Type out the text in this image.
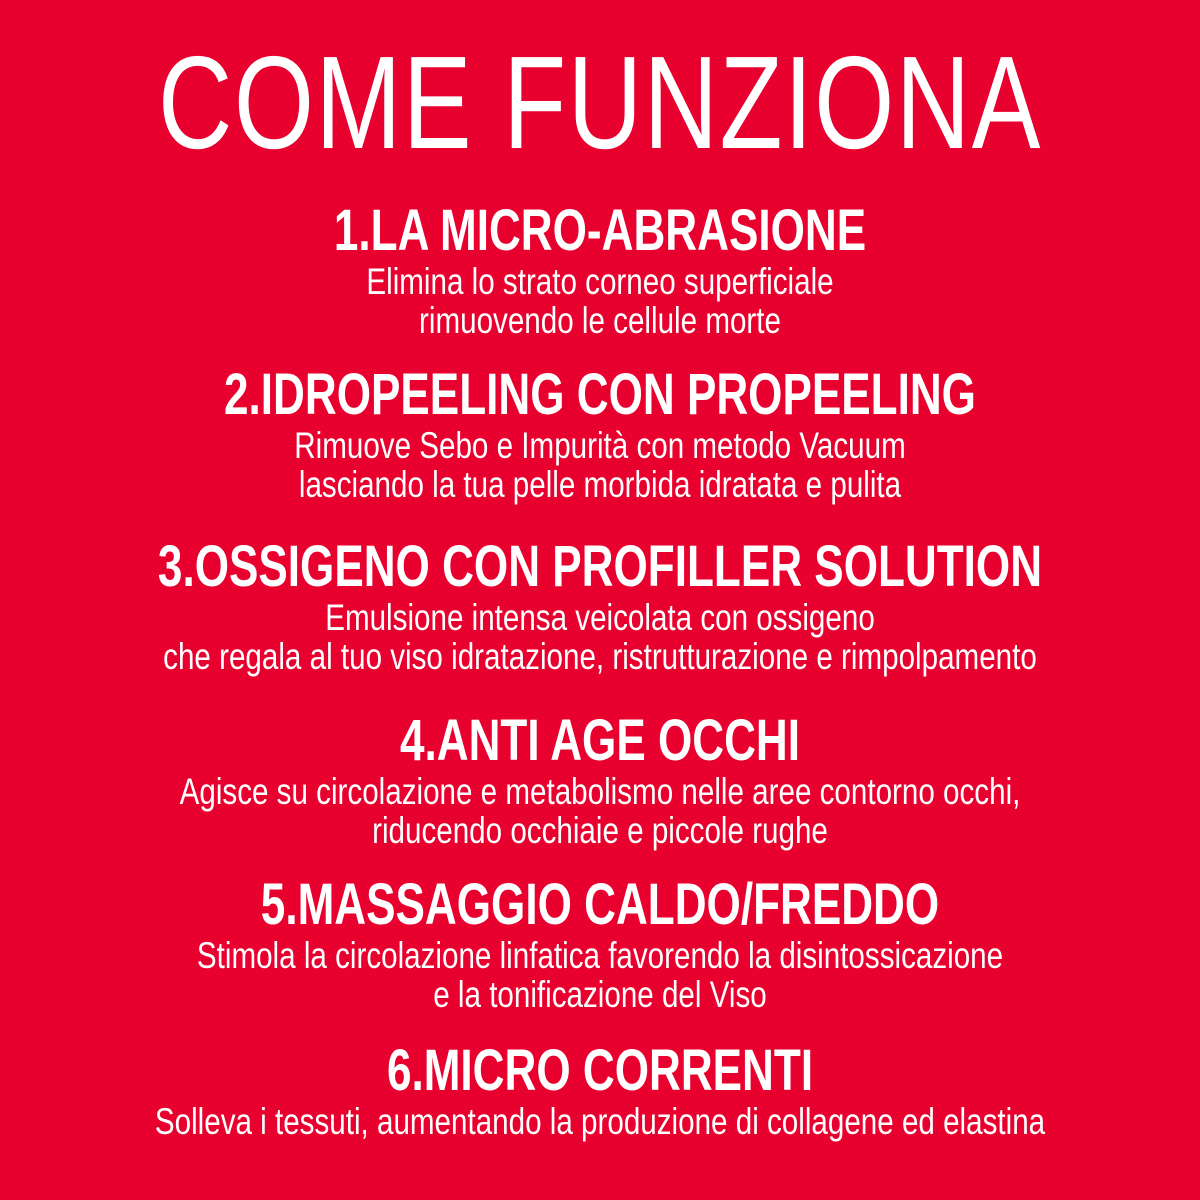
COME FUNZIONA
1.LA MICRO-ABRASIONE
Elimina lo strato corneo superficiale
rimuovendo le cellule morte
2.IDROPEELING CON PROPEELING
Rimuove Sebo e Impurità con metodo Vacuum
lasciando la tua pelle morbida idratata e pulita
3.OSSIGENO CON PROFILLER SOLUTION
Emulsione intensa veicolata con ossigeno
che regala al tuo viso idratazione, ristrutturazione e rimpolpamento
4.ANTI AGE OCCHI
Agisce su circolazione e metabolismo nelle aree contorno occhi,
riducendo occhiaie e piccole rughe
5.MASSAGGIO CALDO/FREDDO
Stimola la circolazione linfatica favorendo la disintossicazione
e la tonificazione del Viso
6.MICRO CORRENTI
Solleva i tessuti, aumentando la produzione di collagene ed elastina
